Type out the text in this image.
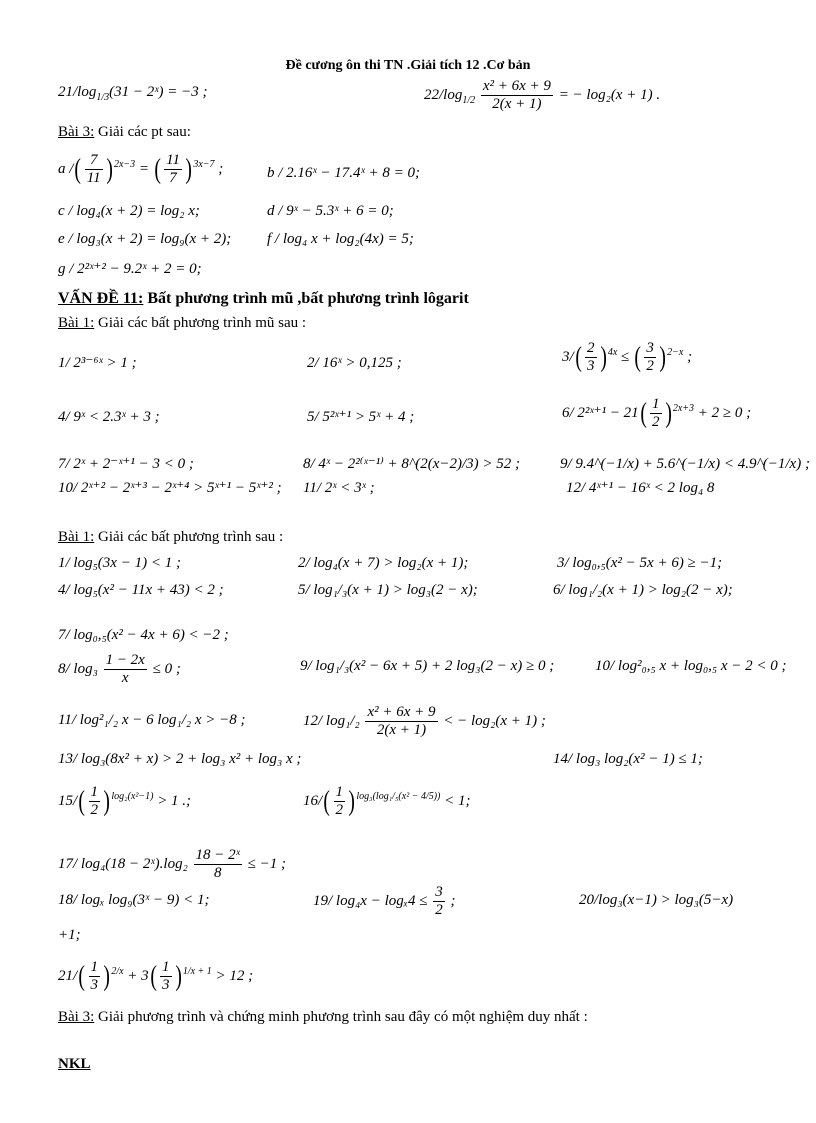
Đề cương ôn thi TN .Giải tích 12 .Cơ bản
$21/\log_{1/3}(31$ − 2ˣ) = −3 ;	$22/\log_{1/2} \frac{\text{x² + 6x + 9}}{2(x + 1)}$ = − log₂(x + 1) .
Bài 3: Giải các pt sau:
a /( $\frac{7}{11} )^{2x-3}$ = ( $\frac{11}{7} )^{3x-7}$ ;	b / 2.16ˣ − 17.4ˣ + 8 = 0;
c / log₄(x + 2) = log₂ x;	d / 9ˣ − 5.3ˣ + 6 = 0;
e / log₃(x + 2) = log₉(x + 2); f / log₄ x + log₂(4x) = 5;
g / 2²ˣ⁺² − 9.2ˣ + 2 = 0;
VẤN ĐỀ 11: Bất phương trình mũ ,bất phương trình lôgarit
Bài 1: Giải các bất phương trình mũ sau :
1/ 2³⁻⁶ˣ > 1 ;	2/ 16ˣ > 0,125 ;	$3/( \frac{2}{3} )^{4x}$ ≤ ( $\frac{3}{2} )^{2-x}$ ;
4/ 9ˣ < 2.3ˣ + 3 ;	5/ 5²ˣ⁺¹ > 5ˣ + 4 ;	6/ 2²ˣ⁺¹ − $21( \frac{1}{2} )^{2x+3} + 2 \ge 0$ ;
7/ 2ˣ + 2⁻ˣ⁺¹ − 3 < 0 ;	8/ 4ˣ − 2²⁽ˣ⁻¹⁾ + 8^(2(x−2)/3) > 52 ;	9/ 9.4^(−1/x) + 5.6^(−1/x) < 4.9^(−1/x) ;
10/ 2ˣ⁺² − 2ˣ⁺³ − 2ˣ⁺⁴ > 5ˣ⁺¹ − 5ˣ⁺² ; 11/ 2ˣ < 3ˣ ;	12/ 4ˣ⁺¹ − 16ˣ < 2 log₄ 8
Bài 1: Giải các bất phương trình sau :
1/ log₅(3x − 1) < 1 ;	2/ log₄(x + 7) > log₂(x + 1);	3/ log₀,₅(x² − 5x + 6) ≥ −1;
4/ log₅(x² − 11x + 43) < 2 ;	5/ log₁/₃(x + 1) > log₃(2 − x);	6/ log₁/₂(x + 1) > log₂(2 − x);
7/ log₀,₅(x² − 4x + 6) < −2 ;
8/ $\log_3 \frac{1 - 2x}{x} \le 0$ ;	9/ log₁/₃(x² − 6x + 5) + 2 log₃(2 − x) ≥ 0 ;	10/ log²₀,₅ x + log₀,₅ x − 2 < 0 ;
11/ log²₁/₂ x − 6 log₁/₂ x > −8 ;	12/ $\log_1/_2 \frac{\text{x² + 6x + 9}}{2(x + 1)}$ < − log₂(x + 1) ;
13/ log₃(8x² + x) > 2 + log₃ x² + log₃ x ;	14/ log₃ log₂(x² − 1) ≤ 1;
$15/( \frac{1}{2} )^{log_2(x^2-1)} > 1$ .;	$16/( \frac{1}{2} )^{log_3(log_1/_5(x^2 - 4/5))} < 1$;
17/ log₄(18 − 2ˣ).log₂ $\frac{\text{18 − 2ˣ}}{8} \le -1$ ;
18/ logₓ log₉(3ˣ − 9) < 1;	19/ $\log_4x - \log_x4 \le \frac{3}{2}$ ;	20/log₃(x−1) > log₃(5−x)
+1;
$21/( \frac{1}{3} )^{2/x} + 3( \frac{1}{3} )^{1/x + 1} > 12$ ;
Bài 3: Giải phương trình và chứng minh phương trình sau đây có một nghiệm duy nhất :
NKL
